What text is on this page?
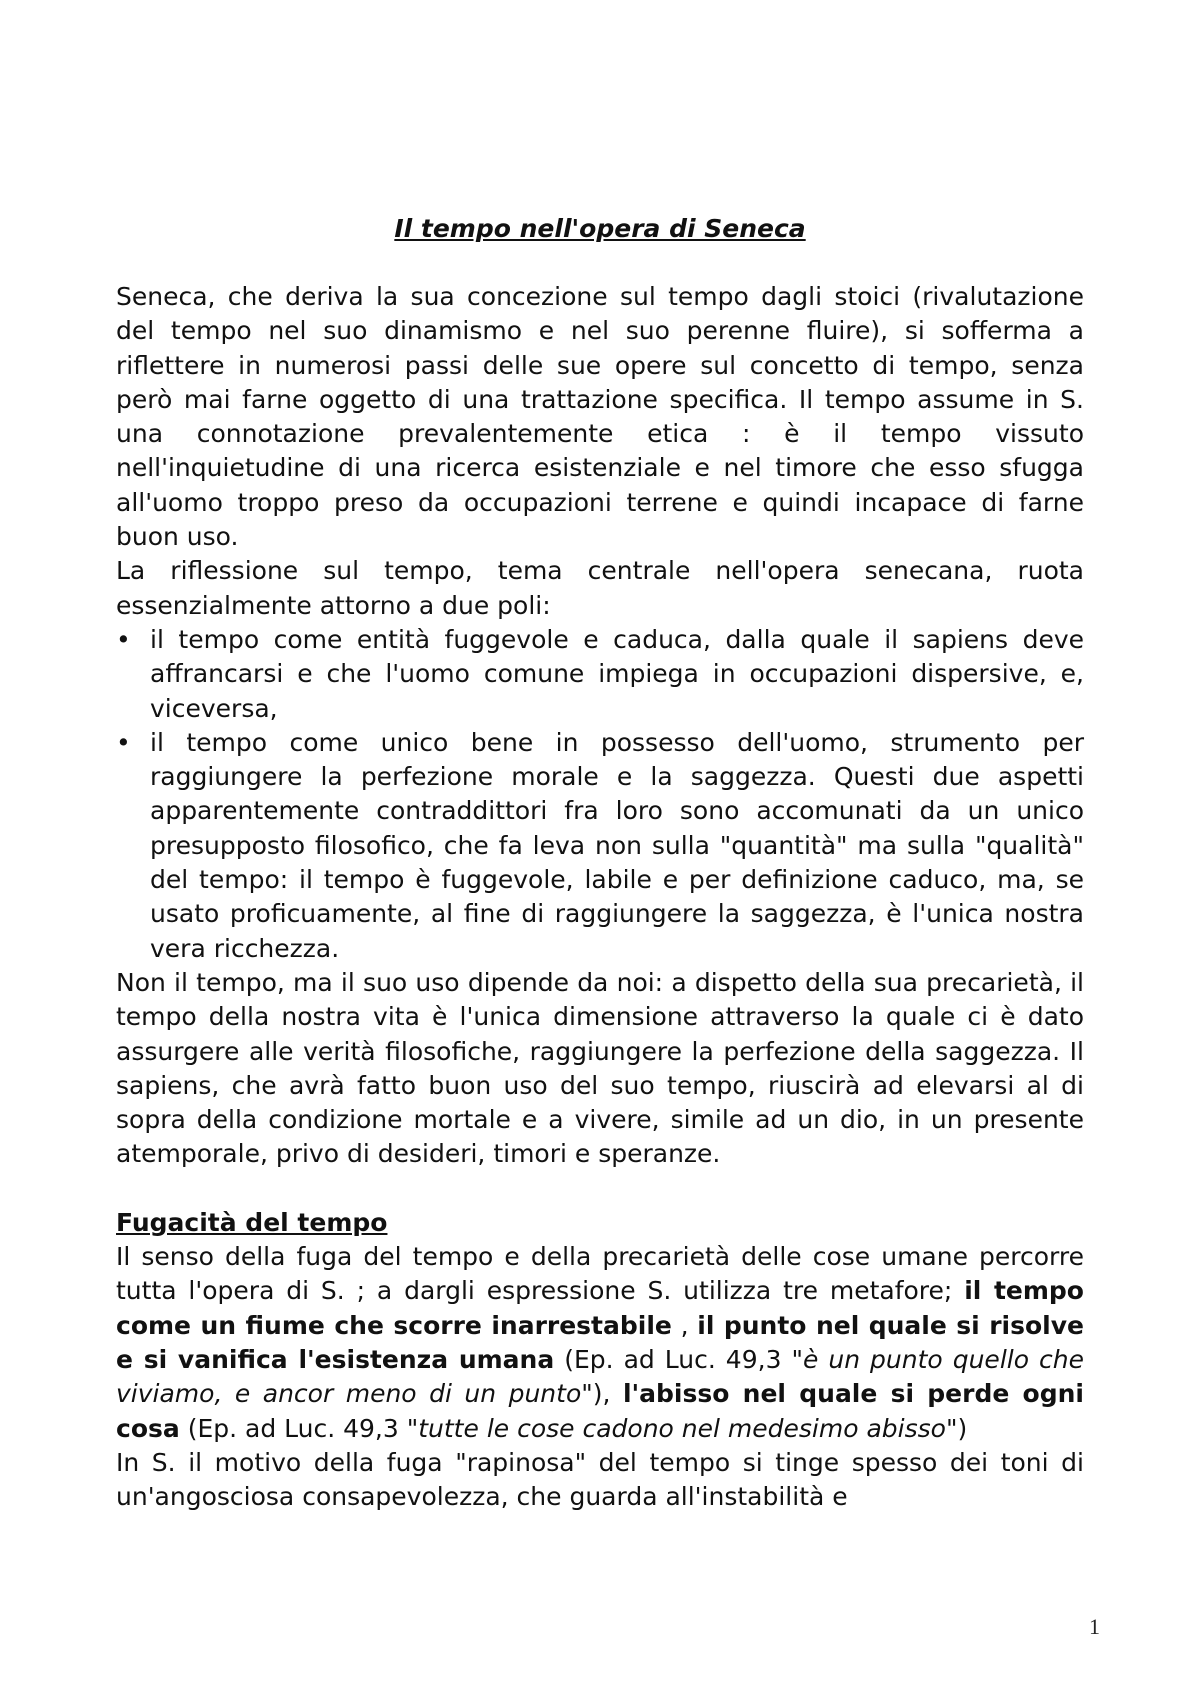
Il tempo nell'opera di Seneca

Seneca, che deriva la sua concezione sul tempo dagli stoici (rivalutazione del tempo nel suo dinamismo e nel suo perenne fluire), si sofferma a riflettere in numerosi passi delle sue opere sul concetto di tempo, senza però mai farne oggetto di una trattazione specifica. Il tempo assume in S. una connotazione prevalentemente etica : è il tempo vissuto nell'inquietudine di una ricerca esistenziale e nel timore che esso sfugga all'uomo troppo preso da occupazioni terrene e quindi incapace di farne buon uso.

La riflessione sul tempo, tema centrale nell'opera senecana, ruota essenzialmente attorno a due poli:

• il tempo come entità fuggevole e caduca, dalla quale il sapiens deve affrancarsi e che l'uomo comune impiega in occupazioni dispersive, e, viceversa,
• il tempo come unico bene in possesso dell'uomo, strumento per raggiungere la perfezione morale e la saggezza. Questi due aspetti apparentemente contraddittori fra loro sono accomunati da un unico presupposto filosofico, che fa leva non sulla "quantità" ma sulla "qualità" del tempo: il tempo è fuggevole, labile e per definizione caduco, ma, se usato proficuamente, al fine di raggiungere la saggezza, è l'unica nostra vera ricchezza.

Non il tempo, ma il suo uso dipende da noi: a dispetto della sua precarietà, il tempo della nostra vita è l'unica dimensione attraverso la quale ci è dato assurgere alle verità filosofiche, raggiungere la perfezione della saggezza. Il sapiens, che avrà fatto buon uso del suo tempo, riuscirà ad elevarsi al di sopra della condizione mortale e a vivere, simile ad un dio, in un presente atemporale, privo di desideri, timori e speranze.

Fugacità del tempo

Il senso della fuga del tempo e della precarietà delle cose umane percorre tutta l'opera di S. ; a dargli espressione S. utilizza tre metafore; il tempo come un fiume che scorre inarrestabile , il punto nel quale si risolve e si vanifica l'esistenza umana (Ep. ad Luc. 49,3 "è un punto quello che viviamo, e ancor meno di un punto"), l'abisso nel quale si perde ogni cosa (Ep. ad Luc. 49,3 "tutte le cose cadono nel medesimo abisso")

In S. il motivo della fuga "rapinosa" del tempo si tinge spesso dei toni di un'angosciosa consapevolezza, che guarda all'instabilità e

1
